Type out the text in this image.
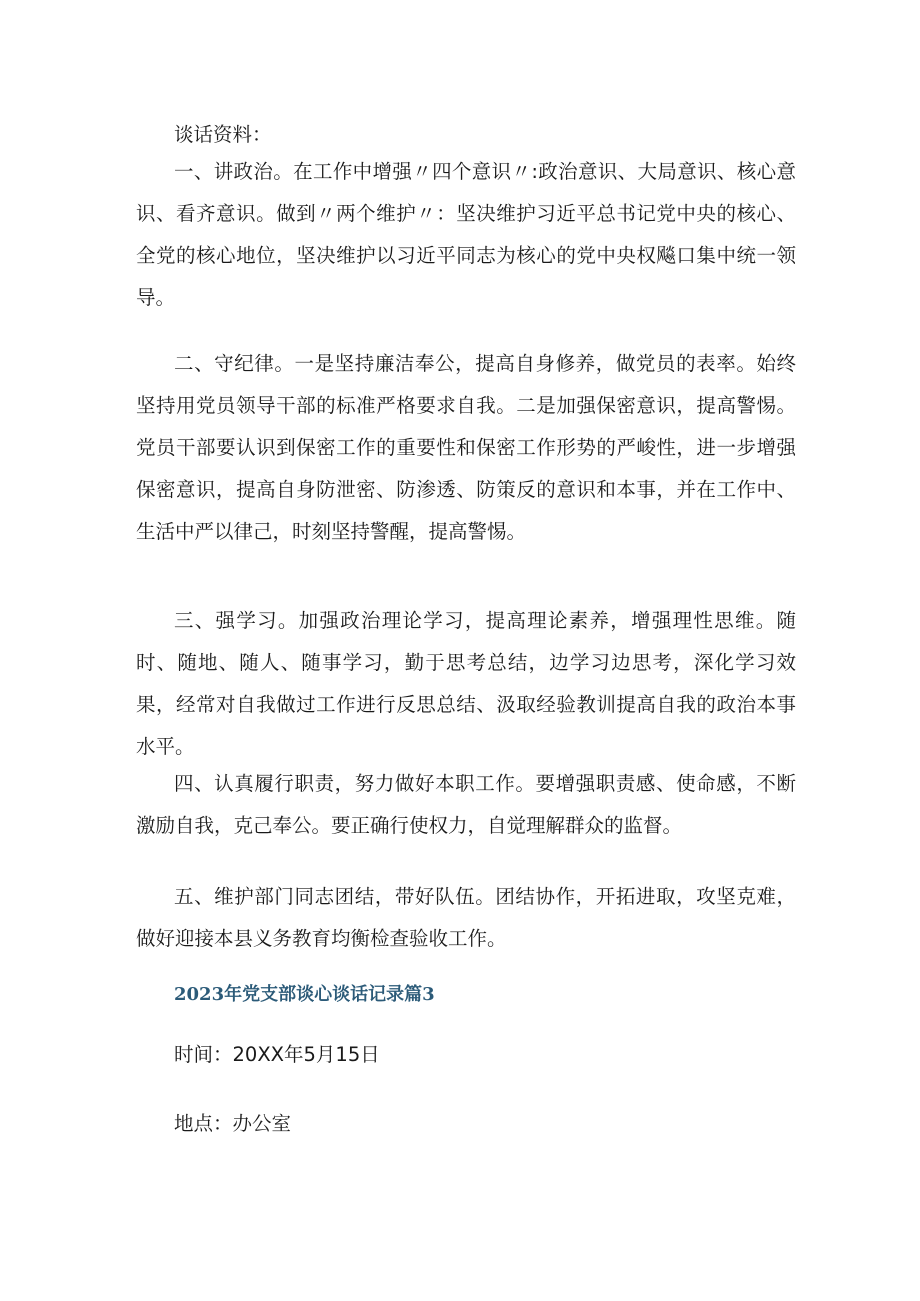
谈话资料：

一、讲政治。在工作中增强〃四个意识〃:政治意识、大局意识、核心意识、看齐意识。做到〃两个维护〃：坚决维护习近平总书记党中央的核心、全党的核心地位，坚决维护以习近平同志为核心的党中央权飚口集中统一领导。

二、守纪律。一是坚持廉洁奉公，提高自身修养，做党员的表率。始终坚持用党员领导干部的标准严格要求自我。二是加强保密意识，提高警惕。党员干部要认识到保密工作的重要性和保密工作形势的严峻性，进一步增强保密意识，提高自身防泄密、防渗透、防策反的意识和本事，并在工作中、生活中严以律己，时刻坚持警醒，提高警惕。

三、强学习。加强政治理论学习，提高理论素养，增强理性思维。随时、随地、随人、随事学习，勤于思考总结，边学习边思考，深化学习效果，经常对自我做过工作进行反思总结、汲取经验教训提高自我的政治本事水平。

四、认真履行职责，努力做好本职工作。要增强职责感、使命感，不断激励自我，克己奉公。要正确行使权力，自觉理解群众的监督。

五、维护部门同志团结，带好队伍。团结协作，开拓进取，攻坚克难，做好迎接本县义务教育均衡检查验收工作。

2023年党支部谈心谈话记录篇3

时间：20XX年5月15日

地点：办公室
